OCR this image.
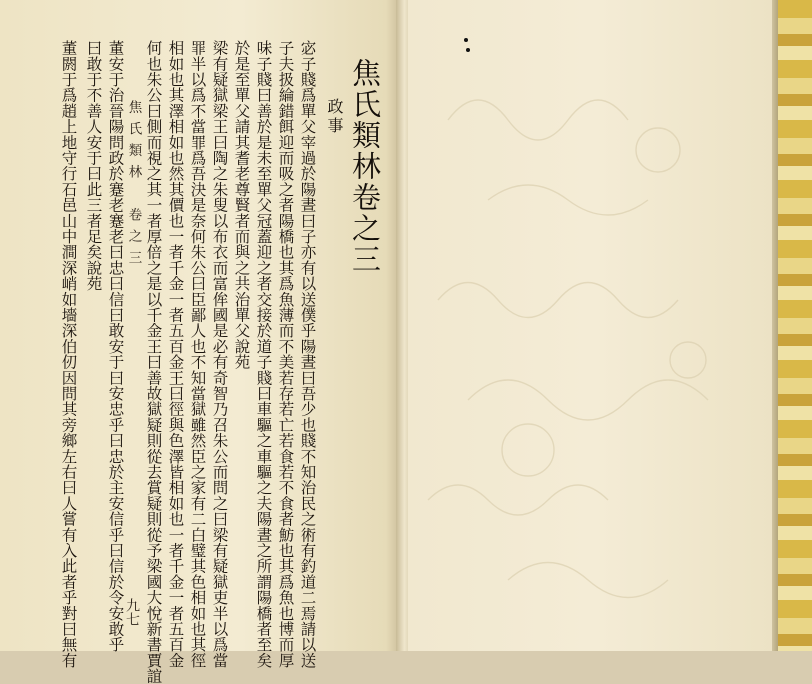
焦氏類林卷之三
政事
宓子賤爲單父宰過於陽晝曰子亦有以送僕乎陽晝曰吾少也賤不知治民之術有釣道二焉請以送
子夫扱綸錯餌迎而吸之者陽橋也其爲魚薄而不美若存若亡若食若不食者魴也其爲魚也博而厚
味子賤曰善於是未至單父冠蓋迎之者交接於道子賤曰車驅之車驅之夫陽晝之所謂陽橋者至矣
於是至單父請其耆老尊賢者而與之共治單父說苑
梁有疑獄梁王曰陶之朱叟以布衣而富侔國是必有奇智乃召朱公而問之曰梁有疑獄吏半以爲當
罪半以爲不當罪爲吾決是奈何朱公曰臣鄙人也不知當獄雖然臣之家有二白璧其色相如也其徑
相如也其澤相如也然其價也一者千金一者五百金王曰徑與色澤皆相如也一者千金一者五百金
何也朱公曰側而視之其一者厚倍之是以千金王曰善故獄疑則從去賞疑則從予梁國大悅新書賈誼
董安于治晉陽問政於蹇老蹇老曰忠曰信曰敢安于曰安忠乎曰忠於主安信乎曰信於令安敢乎
曰敢于不善人安于曰此三者足矣說苑
董閼于爲趙上地守行石邑山中澗深峭如墻深伯仞因問其旁鄉左右曰人嘗有入此者乎對曰無有	焦氏類林　卷之三
九七
